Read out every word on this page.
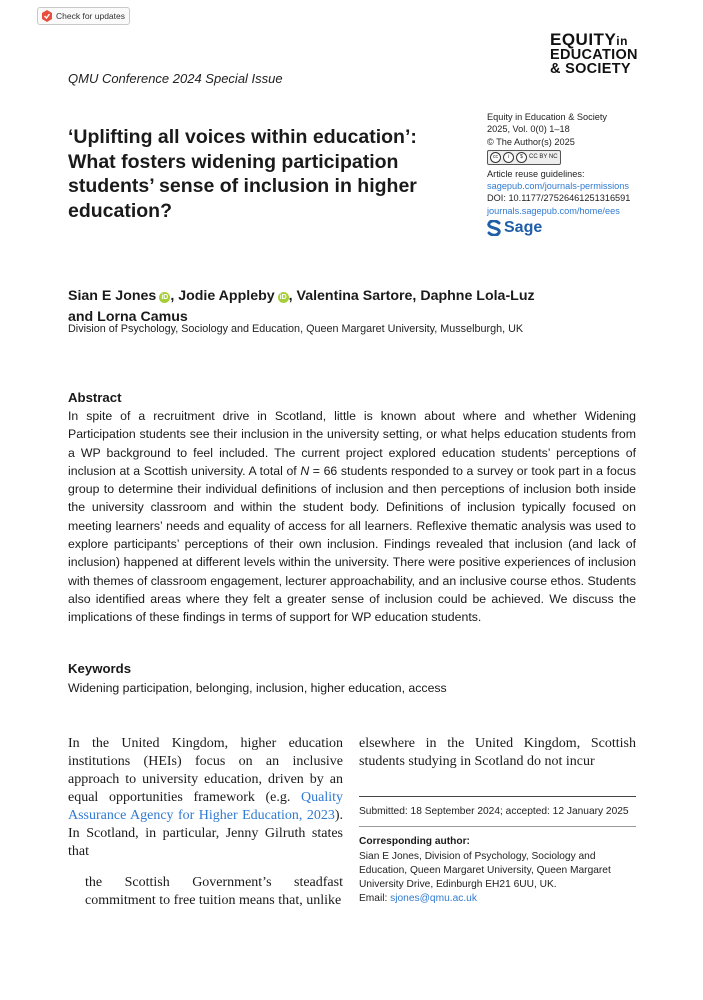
Check for updates
EQUITYin
EDUCATION
& SOCIETY
QMU Conference 2024 Special Issue
‘Uplifting all voices within education’: What fosters widening participation students’ sense of inclusion in higher education?
Equity in Education & Society
2025, Vol. 0(0) 1–18
© The Author(s) 2025
cc	i	$	CC BY NC
Article reuse guidelines:
sagepub.com/journals-permissions
DOI: 10.1177/27526461251316591
journals.sagepub.com/home/ees
Sage
Sian E Jones iD , Jodie Appleby iD , Valentina Sartore, Daphne Lola-Luz
and Lorna Camus
Division of Psychology, Sociology and Education, Queen Margaret University, Musselburgh, UK
Abstract
In spite of a recruitment drive in Scotland, little is known about where and whether Widening Participation students see their inclusion in the university setting, or what helps education students from a WP background to feel included. The current project explored education students’ perceptions of inclusion at a Scottish university. A total of N = 66 students responded to a survey or took part in a focus group to determine their individual definitions of inclusion and then perceptions of inclusion both inside the university classroom and within the student body. Definitions of inclusion typically focused on meeting learners’ needs and equality of access for all learners. Reflexive thematic analysis was used to explore participants’ perceptions of their own inclusion. Findings revealed that inclusion (and lack of inclusion) happened at different levels within the university. There were positive experiences of inclusion with themes of classroom engagement, lecturer approachability, and an inclusive course ethos. Students also identified areas where they felt a greater sense of inclusion could be achieved. We discuss the implications of these findings in terms of support for WP education students.
Keywords
Widening participation, belonging, inclusion, higher education, access
In the United Kingdom, higher education institutions (HEIs) focus on an inclusive approach to university education, driven by an equal opportunities framework (e.g. Quality Assurance Agency for Higher Education, 2023). In Scotland, in particular, Jenny Gilruth states that
the Scottish Government’s steadfast commitment to free tuition means that, unlike
elsewhere in the United Kingdom, Scottish students studying in Scotland do not incur
Submitted: 18 September 2024; accepted: 12 January 2025
Corresponding author:
Sian E Jones, Division of Psychology, Sociology and Education, Queen Margaret University, Queen Margaret University Drive, Edinburgh EH21 6UU, UK.
Email: sjones@qmu.ac.uk
